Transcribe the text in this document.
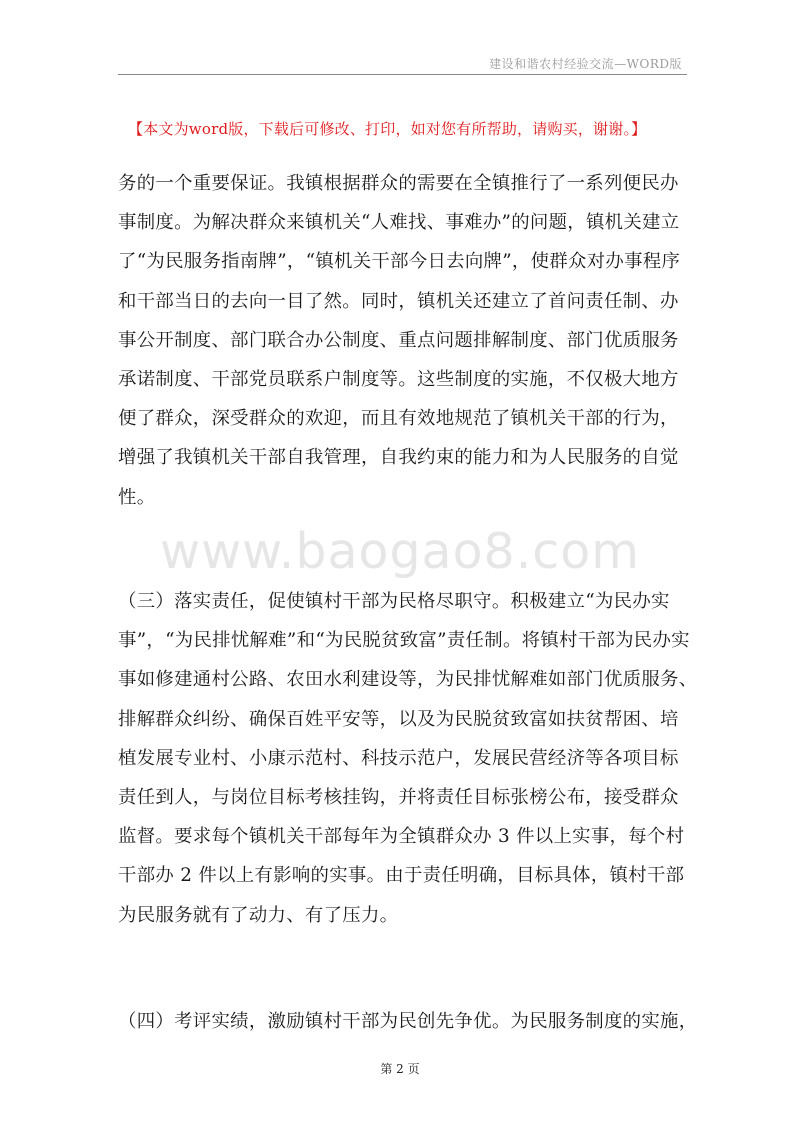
建设和谐农村经验交流—WORD版
【本文为word版，下载后可修改、打印，如对您有所帮助，请购买，谢谢。】
务的一个重要保证。我镇根据群众的需要在全镇推行了一系列便民办
事制度。为解决群众来镇机关“人难找、事难办”的问题，镇机关建立
了“为民服务指南牌”，“镇机关干部今日去向牌”，使群众对办事程序
和干部当日的去向一目了然。同时，镇机关还建立了首问责任制、办
事公开制度、部门联合办公制度、重点问题排解制度、部门优质服务
承诺制度、干部党员联系户制度等。这些制度的实施，不仅极大地方
便了群众，深受群众的欢迎，而且有效地规范了镇机关干部的行为，
增强了我镇机关干部自我管理，自我约束的能力和为人民服务的自觉
性。
www.baogao8.com
（三）落实责任，促使镇村干部为民格尽职守。积极建立“为民办实
事”，“为民排忧解难”和“为民脱贫致富”责任制。将镇村干部为民办实
事如修建通村公路、农田水利建设等，为民排忧解难如部门优质服务、
排解群众纠纷、确保百姓平安等，以及为民脱贫致富如扶贫帮困、培
植发展专业村、小康示范村、科技示范户，发展民营经济等各项目标
责任到人，与岗位目标考核挂钩，并将责任目标张榜公布，接受群众
监督。要求每个镇机关干部每年为全镇群众办 3 件以上实事，每个村
干部办 2 件以上有影响的实事。由于责任明确，目标具体，镇村干部
为民服务就有了动力、有了压力。
（四）考评实绩，激励镇村干部为民创先争优。为民服务制度的实施，
第 2 页
